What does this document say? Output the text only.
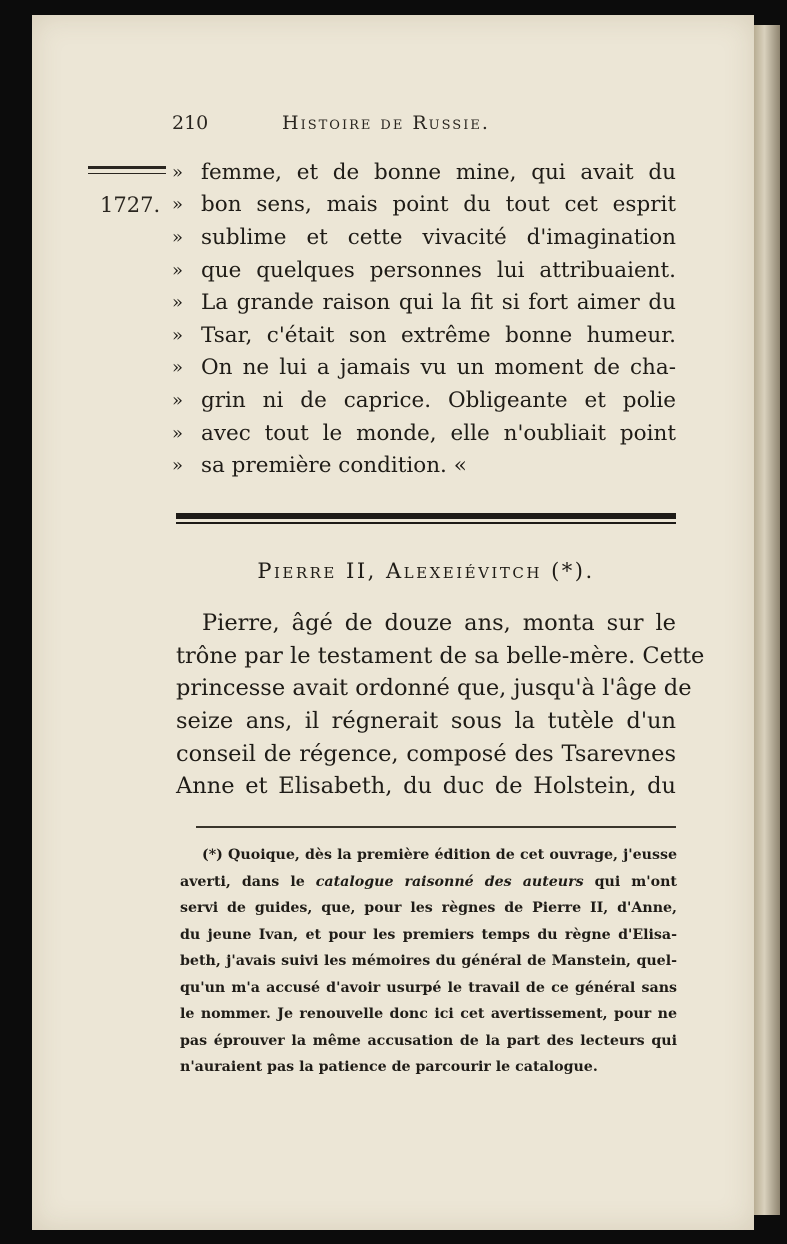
210	Histoire de Russie.
1727.
» femme, et de bonne mine, qui avait du
» bon sens, mais point du tout cet esprit
» sublime et cette vivacité d'imagination
» que quelques personnes lui attribuaient.
» La grande raison qui la fit si fort aimer du
» Tsar, c'était son extrême bonne humeur.
» On ne lui a jamais vu un moment de cha-
» grin ni de caprice. Obligeante et polie
» avec tout le monde, elle n'oubliait point
» sa première condition. «
Pierre II, Alexeiévitch (*).
Pierre, âgé de douze ans, monta sur le
trône par le testament de sa belle-mère. Cette
princesse avait ordonné que, jusqu'à l'âge de
seize ans, il régnerait sous la tutèle d'un
conseil de régence, composé des Tsarevnes
Anne et Elisabeth, du duc de Holstein, du
(*) Quoique, dès la première édition de cet ouvrage, j'eusse
averti, dans le catalogue raisonné des auteurs qui m'ont
servi de guides, que, pour les règnes de Pierre II, d'Anne,
du jeune Ivan, et pour les premiers temps du règne d'Elisa-
beth, j'avais suivi les mémoires du général de Manstein, quel-
qu'un m'a accusé d'avoir usurpé le travail de ce général sans
le nommer. Je renouvelle donc ici cet avertissement, pour ne
pas éprouver la même accusation de la part des lecteurs qui
n'auraient pas la patience de parcourir le catalogue.
